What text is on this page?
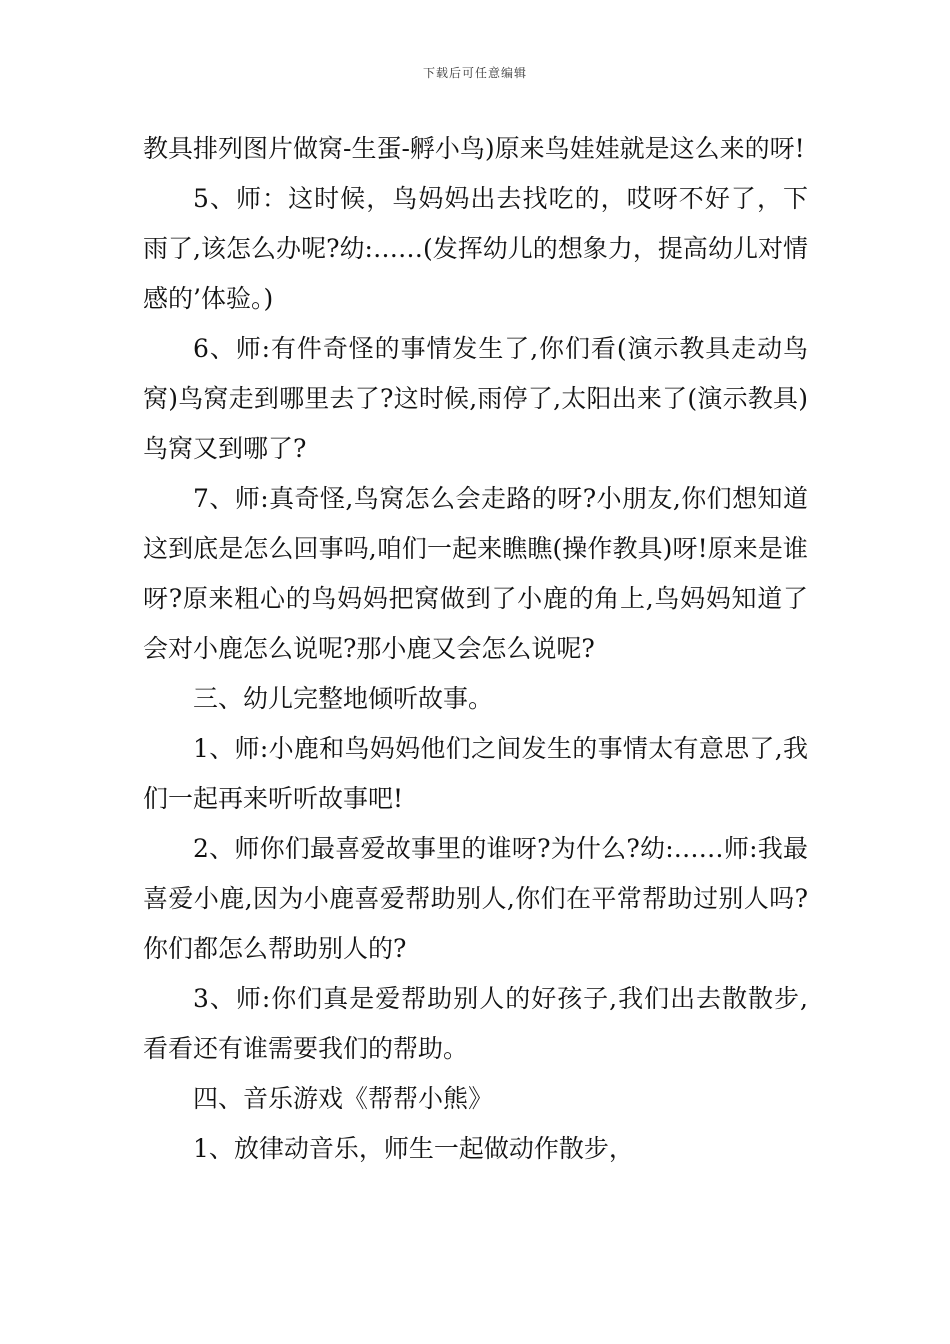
下载后可任意编辑

教具排列图片做窝-生蛋-孵小鸟)原来鸟娃娃就是这么来的呀!

5、师：这时候，鸟妈妈出去找吃的，哎呀不好了，下雨了,该怎么办呢?幼:……(发挥幼儿的想象力，提高幼儿对情感的’体验。)

6、师:有件奇怪的事情发生了,你们看(演示教具走动鸟窝)鸟窝走到哪里去了?这时候,雨停了,太阳出来了(演示教具)鸟窝又到哪了?

7、师:真奇怪,鸟窝怎么会走路的呀?小朋友,你们想知道这到底是怎么回事吗,咱们一起来瞧瞧(操作教具)呀!原来是谁呀?原来粗心的鸟妈妈把窝做到了小鹿的角上,鸟妈妈知道了会对小鹿怎么说呢?那小鹿又会怎么说呢?

三、幼儿完整地倾听故事。

1、师:小鹿和鸟妈妈他们之间发生的事情太有意思了,我们一起再来听听故事吧!

2、师你们最喜爱故事里的谁呀?为什么?幼:……师:我最喜爱小鹿,因为小鹿喜爱帮助别人,你们在平常帮助过别人吗?你们都怎么帮助别人的?

3、师:你们真是爱帮助别人的好孩子,我们出去散散步,看看还有谁需要我们的帮助。

四、音乐游戏《帮帮小熊》

1、放律动音乐，师生一起做动作散步，
